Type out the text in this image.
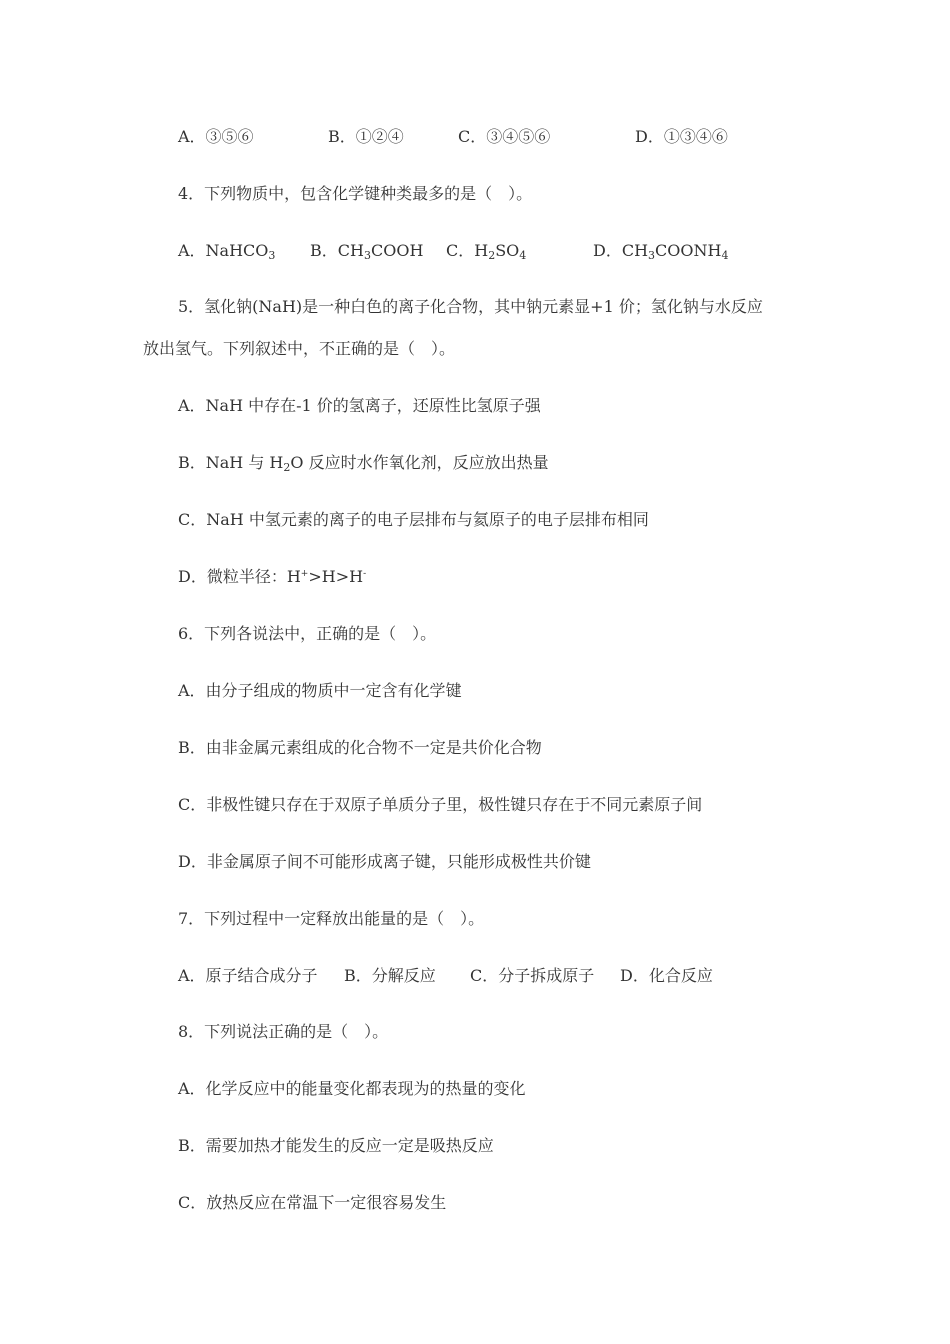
A．③⑤⑥	B．①②④	C．③④⑤⑥	D．①③④⑥
4．下列物质中，包含化学键种类最多的是（　）。
A．NaHCO$_3$ B．$CH_3COOH$ C．$H_2SO_4$	D．$CH_3COONH_4$
5．氢化钠(NaH)是一种白色的离子化合物，其中钠元素显+1 价；氢化钠与水反应
放出氢气。下列叙述中，不正确的是（　）。
A．NaH 中存在-1 价的氢离子，还原性比氢原子强
B．NaH 与 $H_2O$ 反应时水作氧化剂，反应放出热量
C．NaH 中氢元素的离子的电子层排布与氦原子的电子层排布相同
D．微粒半径：H+>H>H-
6．下列各说法中，正确的是（　）。
A．由分子组成的物质中一定含有化学键
B．由非金属元素组成的化合物不一定是共价化合物
C．非极性键只存在于双原子单质分子里，极性键只存在于不同元素原子间
D．非金属原子间不可能形成离子键，只能形成极性共价键
7．下列过程中一定释放出能量的是（　）。
A．原子结合成分子 B．分解反应 C．分子拆成原子 D．化合反应
8．下列说法正确的是（　）。
A．化学反应中的能量变化都表现为的热量的变化
B．需要加热才能发生的反应一定是吸热反应
C．放热反应在常温下一定很容易发生
